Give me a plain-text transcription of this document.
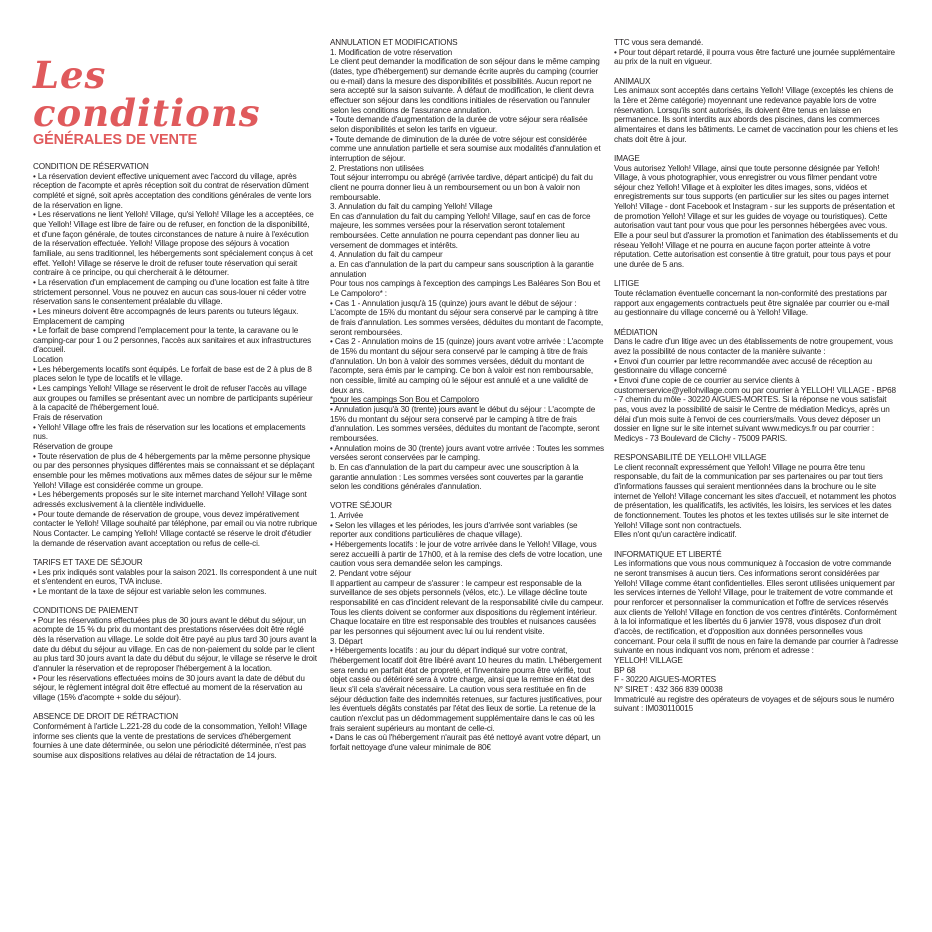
Les conditions
GÉNÉRALES DE VENTE

CONDITION DE RÉSERVATION

• La réservation devient effective uniquement avec l'accord du village, après réception de l'acompte et après réception soit du contrat de réservation dûment complété et signé, soit après acceptation des conditions générales de vente lors de la réservation en ligne.

• Les réservations ne lient Yelloh! Village, qu'si Yelloh! Village les a acceptées, ce que Yelloh! Village est libre de faire ou de refuser, en fonction de la disponibilité, et d'une façon générale, de toutes circonstances de nature à nuire à l'exécution de la réservation effectuée. Yelloh! Village propose des séjours à vocation familiale, au sens traditionnel, les hébergements sont spécialement conçus à cet effet. Yelloh! Village se réserve le droit de refuser toute réservation qui serait contraire à ce principe, ou qui chercherait à le détourner.

• La réservation d'un emplacement de camping ou d'une location est faite à titre strictement personnel. Vous ne pouvez en aucun cas sous-louer ni céder votre réservation sans le consentement préalable du village.

• Les mineurs doivent être accompagnés de leurs parents ou tuteurs légaux.

Emplacement de camping

• Le forfait de base comprend l'emplacement pour la tente, la caravane ou le camping-car pour 1 ou 2 personnes, l'accès aux sanitaires et aux infrastructures d'accueil.

Location

• Les hébergements locatifs sont équipés. Le forfait de base est de 2 à plus de 8 places selon le type de locatifs et le village.

• Les campings Yelloh! Village se réservent le droit de refuser l'accès au village aux groupes ou familles se présentant avec un nombre de participants supérieur à la capacité de l'hébergement loué.

Frais de réservation

• Yelloh! Village offre les frais de réservation sur les locations et emplacements nus.

Réservation de groupe

• Toute réservation de plus de 4 hébergements par la même personne physique ou par des personnes physiques différentes mais se connaissant et se déplaçant ensemble pour les mêmes motivations aux mêmes dates de séjour sur le même Yelloh! Village est considérée comme un groupe.

• Les hébergements proposés sur le site internet marchand Yelloh! Village sont adressés exclusivement à la clientèle individuelle.

• Pour toute demande de réservation de groupe, vous devez impérativement contacter le Yelloh! Village souhaité par téléphone, par email ou via notre rubrique Nous Contacter. Le camping Yelloh! Village contacté se réserve le droit d'étudier la demande de réservation avant acceptation ou refus de celle-ci.

TARIFS ET TAXE DE SÉJOUR

• Les prix indiqués sont valables pour la saison 2021. Ils correspondent à une nuit et s'entendent en euros, TVA incluse.

• Le montant de la taxe de séjour est variable selon les communes.

CONDITIONS DE PAIEMENT

• Pour les réservations effectuées plus de 30 jours avant le début du séjour, un acompte de 15 % du prix du montant des prestations réservées doit être réglé dès la réservation au village. Le solde doit être payé au plus tard 30 jours avant la date du début du séjour au village. En cas de non-paiement du solde par le client au plus tard 30 jours avant la date du début du séjour, le village se réserve le droit d'annuler la réservation et de reproposer l'hébergement à la location.

• Pour les réservations effectuées moins de 30 jours avant la date de début du séjour, le règlement intégral doit être effectué au moment de la réservation au village (15% d'acompte + solde du séjour).

ABSENCE DE DROIT DE RÉTRACTION

Conformément à l'article L.221-28 du code de la consommation, Yelloh! Village informe ses clients que la vente de prestations de services d'hébergement fournies à une date déterminée, ou selon une périodicité déterminée, n'est pas soumise aux dispositions relatives au délai de rétractation de 14 jours.

ANNULATION ET MODIFICATIONS

1. Modification de votre réservation

Le client peut demander la modification de son séjour dans le même camping (dates, type d'hébergement) sur demande écrite auprès du camping (courrier ou e-mail) dans la mesure des disponibilités et possibilités. Aucun report ne sera accepté sur la saison suivante. À défaut de modification, le client devra effectuer son séjour dans les conditions initiales de réservation ou l'annuler selon les conditions de l'assurance annulation.

• Toute demande d'augmentation de la durée de votre séjour sera réalisée selon disponibilités et selon les tarifs en vigueur.

• Toute demande de diminution de la durée de votre séjour est considérée comme une annulation partielle et sera soumise aux modalités d'annulation et interruption de séjour.

2. Prestations non utilisées

Tout séjour interrompu ou abrégé (arrivée tardive, départ anticipé) du fait du client ne pourra donner lieu à un remboursement ou un bon à valoir non remboursable.

3. Annulation du fait du camping Yelloh! Village

En cas d'annulation du fait du camping Yelloh! Village, sauf en cas de force majeure, les sommes versées pour la réservation seront totalement remboursées. Cette annulation ne pourra cependant pas donner lieu au versement de dommages et intérêts.

4. Annulation du fait du campeur

a. En cas d'annulation de la part du campeur sans souscription à la garantie annulation

Pour tous nos campings à l'exception des campings Les Baléares Son Bou et Le Campoloro* :

• Cas 1 - Annulation jusqu'à 15 (quinze) jours avant le début de séjour : L'acompte de 15% du montant du séjour sera conservé par le camping à titre de frais d'annulation. Les sommes versées, déduites du montant de l'acompte, seront remboursées.

• Cas 2 - Annulation moins de 15 (quinze) jours avant votre arrivée : L'acompte de 15% du montant du séjour sera conservé par le camping à titre de frais d'annulation. Un bon à valoir des sommes versées, déduit du montant de l'acompte, sera émis par le camping. Ce bon à valoir est non remboursable, non cessible, limité au camping où le séjour est annulé et a une validité de deux ans.

*pour les campings Son Bou et Campoloro

• Annulation jusqu'à 30 (trente) jours avant le début du séjour : L'acompte de 15% du montant du séjour sera conservé par le camping à titre de frais d'annulation. Les sommes versées, déduites du montant de l'acompte, seront remboursées.

• Annulation moins de 30 (trente) jours avant votre arrivée : Toutes les sommes versées seront conservées par le camping.

b. En cas d'annulation de la part du campeur avec une souscription à la garantie annulation : Les sommes versées sont couvertes par la garantie selon les conditions générales d'annulation.

VOTRE SÉJOUR

1. Arrivée

• Selon les villages et les périodes, les jours d'arrivée sont variables (se reporter aux conditions particulières de chaque village).

• Hébergements locatifs : le jour de votre arrivée dans le Yelloh! Village, vous serez accueilli à partir de 17h00, et à la remise des clefs de votre location, une caution vous sera demandée selon les campings.

2. Pendant votre séjour

Il appartient au campeur de s'assurer : le campeur est responsable de la surveillance de ses objets personnels (vélos, etc.). Le village décline toute responsabilité en cas d'incident relevant de la responsabilité civile du campeur. Tous les clients doivent se conformer aux dispositions du règlement intérieur. Chaque locataire en titre est responsable des troubles et nuisances causées par les personnes qui séjournent avec lui ou lui rendent visite.

3. Départ

• Hébergements locatifs : au jour du départ indiqué sur votre contrat, l'hébergement locatif doit être libéré avant 10 heures du matin. L'hébergement sera rendu en parfait état de propreté, et l'inventaire pourra être vérifié, tout objet cassé ou détérioré sera à votre charge, ainsi que la remise en état des lieux s'il cela s'avérait nécessaire. La caution vous sera restituée en fin de séjour déduction faite des indemnités retenues, sur factures justificatives, pour les éventuels dégâts constatés par l'état des lieux de sortie. La retenue de la caution n'exclut pas un dédommagement supplémentaire dans le cas où les frais seraient supérieurs au montant de celle-ci.

• Dans le cas où l'hébergement n'aurait pas été nettoyé avant votre départ, un forfait nettoyage d'une valeur minimale de 80€

TTC vous sera demandé.

• Pour tout départ retardé, il pourra vous être facturé une journée supplémentaire au prix de la nuit en vigueur.

ANIMAUX

Les animaux sont acceptés dans certains Yelloh! Village (exceptés les chiens de la 1ère et 2ème catégorie) moyennant une redevance payable lors de votre réservation. Lorsqu'ils sont autorisés, ils doivent être tenus en laisse en permanence. Ils sont interdits aux abords des piscines, dans les commerces alimentaires et dans les bâtiments. Le carnet de vaccination pour les chiens et les chats doit être à jour.

IMAGE

Vous autorisez Yelloh! Village, ainsi que toute personne désignée par Yelloh! Village, à vous photographier, vous enregistrer ou vous filmer pendant votre séjour chez Yelloh! Village et à exploiter les dites images, sons, vidéos et enregistrements sur tous supports (en particulier sur les sites ou pages internet Yelloh! Village - dont Facebook et Instagram - sur les supports de présentation et de promotion Yelloh! Village et sur les guides de voyage ou touristiques). Cette autorisation vaut tant pour vous que pour les personnes hébergées avec vous. Elle a pour seul but d'assurer la promotion et l'animation des établissements et du réseau Yelloh! Village et ne pourra en aucune façon porter atteinte à votre réputation. Cette autorisation est consentie à titre gratuit, pour tous pays et pour une durée de 5 ans.

LITIGE

Toute réclamation éventuelle concernant la non-conformité des prestations par rapport aux engagements contractuels peut être signalée par courrier ou e-mail au gestionnaire du village concerné ou à Yelloh! Village.

MÉDIATION

Dans le cadre d'un litige avec un des établissements de notre groupement, vous avez la possibilité de nous contacter de la manière suivante :

• Envoi d'un courrier par lettre recommandée avec accusé de réception au gestionnaire du village concerné

• Envoi d'une copie de ce courrier au service clients à customerservice@yellohvillage.com ou par courrier à YELLOH! VILLAGE - BP68 - 7 chemin du môle - 30220 AIGUES-MORTES. Si la réponse ne vous satisfait pas, vous avez la possibilité de saisir le Centre de médiation Medicys, après un délai d'un mois suite à l'envoi de ces courriers/mails. Vous devez déposer un dossier en ligne sur le site internet suivant www.medicys.fr ou par courrier : Medicys - 73 Boulevard de Clichy - 75009 PARIS.

RESPONSABILITÉ DE YELLOH! VILLAGE

Le client reconnaît expressément que Yelloh! Village ne pourra être tenu responsable, du fait de la communication par ses partenaires ou par tout tiers d'informations fausses qui seraient mentionnées dans la brochure ou le site internet de Yelloh! Village concernant les sites d'accueil, et notamment les photos de présentation, les qualificatifs, les activités, les loisirs, les services et les dates de fonctionnement. Toutes les photos et les textes utilisés sur le site internet de Yelloh! Village sont non contractuels.

Elles n'ont qu'un caractère indicatif.

INFORMATIQUE ET LIBERTÉ

Les informations que vous nous communiquez à l'occasion de votre commande ne seront transmises à aucun tiers. Ces informations seront considérées par Yelloh! Village comme étant confidentielles. Elles seront utilisées uniquement par les services internes de Yelloh! Village, pour le traitement de votre commande et pour renforcer et personnaliser la communication et l'offre de services réservés aux clients de Yelloh! Village en fonction de vos centres d'intérêts. Conformément à la loi informatique et les libertés du 6 janvier 1978, vous disposez d'un droit d'accès, de rectification, et d'opposition aux données personnelles vous concernant. Pour cela il suffit de nous en faire la demande par courrier à l'adresse suivante en nous indiquant vos nom, prénom et adresse :

YELLOH! VILLAGE

BP 68

F - 30220 AIGUES-MORTES

N° SIRET : 432 366 839 00038

Immatriculé au registre des opérateurs de voyages et de séjours sous le numéro suivant : IM030110015
